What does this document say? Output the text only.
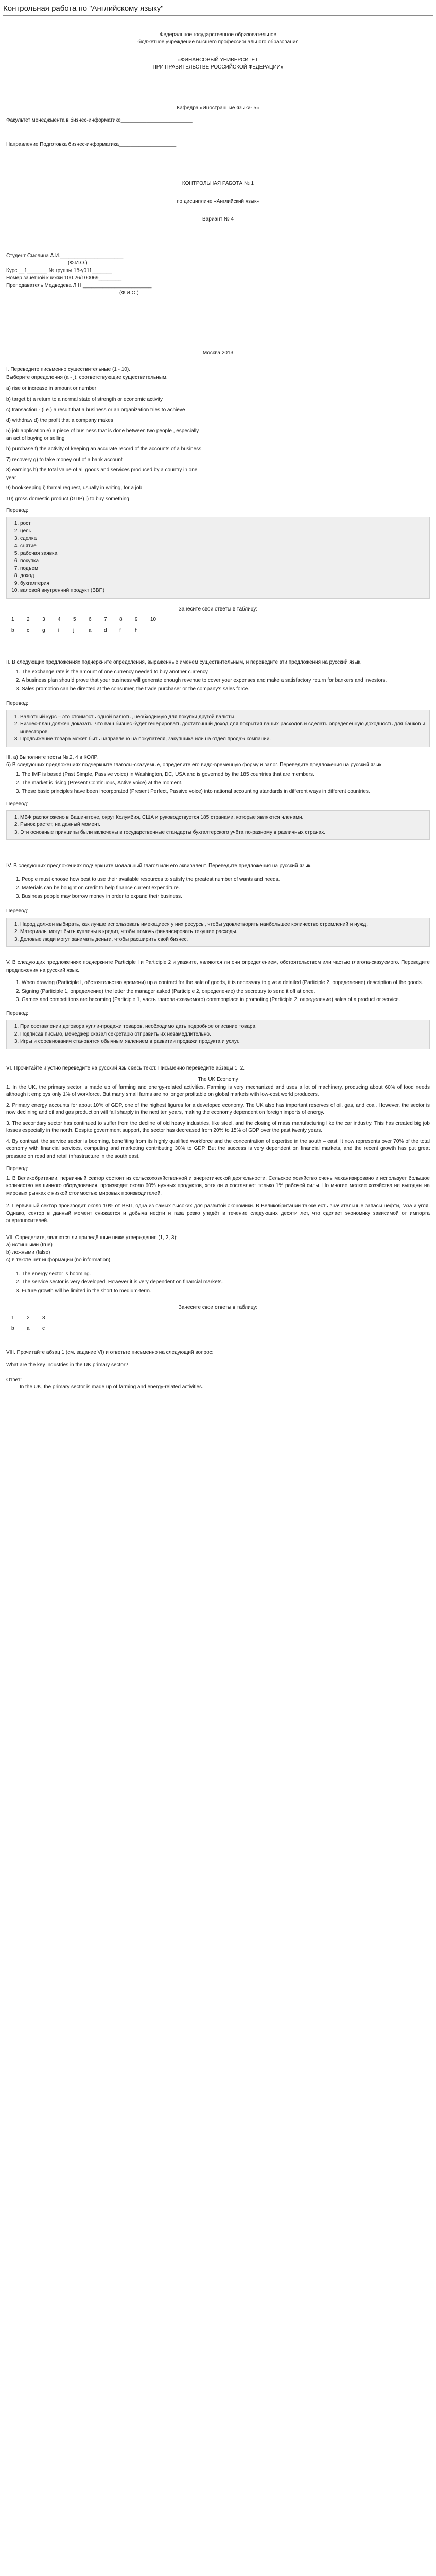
Контрольная работа по "Английскому языку"
Федеральное государственное образовательное
бюджетное учреждение высшего профессионального образования
«ФИНАНСОВЫЙ УНИВЕРСИТЕТ
ПРИ ПРАВИТЕЛЬСТВЕ РОССИЙСКОЙ ФЕДЕРАЦИИ»
Кафедра «Иностранные языки- 5»
Факультет менеджмента в бизнес-информатике_________________________
Направление Подготовка бизнес-информатика____________________
КОНТРОЛЬНАЯ РАБОТА № 1
по дисциплине «Английский язык»
Вариант № 4
Студент Смолина А.И.______________________
(Ф.И.О.)
Курс __1_______ № группы 1б-у011_______
Номер зачетной книжки 100.26/100069________
Преподаватель Медведева Л.Н.________________________
(Ф.И.О.)
Москва 2013
I. Переведите письменно существительные (1 - 10).
Выберите определения (a - j), соответствующие существительным.
a) rise or increase in amount or number
b) target b) a return to a normal state of strength or economic activity
c) transaction - (i.e.) a result that a business or an organization tries to achieve
d) withdraw d) the profit that a company makes
5) job application e) a piece of business that is done between two people , especially
an act of buying or selling
b) purchase f) the activity of keeping an accurate record of the accounts of a business
7) recovery g) to take money out of a bank account
8) earnings h) the total value of all goods and services produced by a country in one
year
9) bookkeeping i) formal request, usually in writing, for a job
10) gross domestic product (GDP) j) to buy something
Перевод:
1. рост
2. цель
3. сделка
4. снятие
5. рабочая заявка
6. покупка
7. подъем
8. доход
9. бухгалтерия
10. валовой внутренний продукт (ВВП)
Занесите свои ответы в таблицу:
1	2	3	4	5	6	7	8	9	10
b	c	g	i	j	a	d	f	h
II. В следующих предложениях подчеркните определения, выраженные именем существительным, и переведите эти предложения на русский язык.
1. The exchange rate is the amount of one currency needed to buy another currency.
2. A business plan should prove that your business will generate enough revenue to cover your expenses and make a satisfactory return for bankers and investors.
3. Sales promotion can be directed at the consumer, the trade purchaser or the company's sales force.
Перевод:
1. Валютный курс – это стоимость одной валюты, необходимую для покупки другой валюты.
2. Бизнес-план должен доказать, что ваш бизнес будет генерировать достаточный доход для покрытия ваших расходов и сделать определённую доходность для банков и инвесторов.
3. Продвижение товара может быть направлено на покупателя, закупщика или на отдел продаж компании.
III. а) Выполните тесты № 2, 4 в КОЛР.
б) В следующих предложениях подчеркните глаголы-сказуемые, определите его видо-временную форму и залог. Переведите предложения на русский язык.
1. The IMF is based (Past Simple, Passive voice) in Washington, DC, USA and is governed by the 185 countries that are members.
2. The market is rising (Present Continuous, Active voice) at the moment.
3. These basic principles have been incorporated (Present Perfect, Passive voice) into national accounting standards in different ways in different countries.
Перевод:
1. МВФ расположено в Вашингтоне, округ Колумбия, США и руководствуется 185 странами, которые являются членами.
2. Рынок растёт, на данный момент.
3. Эти основные принципы были включены в государственные стандарты бухгалтерского учёта по-разному в различных странах.
IV. В следующих предложениях подчеркните модальный глагол или его эквивалент. Переведите предложения на русский язык.
1. People must choose how best to use their available resources to satisfy the greatest number of wants and needs.
2. Materials can be bought on credit to help finance current expenditure.
3. Business people may borrow money in order to expand their business.
Перевод:
1. Народ должен выбирать, как лучше использовать имеющиеся у них ресурсы, чтобы удовлетворить наибольшее количество стремлений и нужд.
2. Материалы могут быть куплены в кредит, чтобы помочь финансировать текущие расходы.
3. Деловые люди могут занимать деньги, чтобы расширить свой бизнес.
V. В следующих предложениях подчеркните Participle I и Participle 2 и укажите, являются ли они определением, обстоятельством или частью глагола-сказуемого. Переведите предложения на русский язык.
1. When drawing (Participle I, обстоятельство времени) up a contract for the sale of goods, it is necessary to give a detailed (Participle 2, определение) description of the goods.
2. Signing (Participle 1, определение) the letter the manager asked (Participle 2, определение) the secretary to send it off at once.
3. Games and competitions are becoming (Participle 1, часть глагола-сказуемого) commonplace in promoting (Participle 2, определение) sales of a product or service.
Перевод:
1. При составлении договора купли-продажи товаров, необходимо дать подробное описание товара.
2. Подписав письмо, менеджер сказал секретарю отправить их незамедлительно.
3. Игры и соревнования становятся обычным явлением в развитии продажи продукта и услуг.
VI. Прочитайте и устно переведите на русский язык весь текст. Письменно переведите абзацы 1. 2.
The UK Economy

1. In the UK, the primary sector is made up of farming and energy-related activities. Farming is very mechanized and uses a lot of machinery, producing about 60% of food needs although it employs only 1% of workforce. But many small farms are no longer profitable on global markets with low-cost world producers.

2. Primary energy accounts for about 10% of GDP, one of the highest figures for a developed economy. The UK also has important reserves of oil, gas, and coal. However, the sector is now declining and oil and gas production will fall sharply in the next ten years, making the economy dependent on foreign imports of energy.

3. The secondary sector has continued to suffer from the decline of old heavy industries, like steel, and the closing of mass manufacturing like the car industry. This has created big job losses especially in the north. Despite government support, the sector has decreased from 20% to 15% of GDP over the past twenty years.

4. By contrast, the service sector is booming, benefiting from its highly qualified workforce and the concentration of expertise in the south – east. It now represents over 70% of the total economy with financial services, computing and marketing contributing 30% to GDP. But the success is very dependent on financial markets, and the recent growth has put great pressure on road and retail infrastructure in the south east.

Перевод:

1. В Великобритании, первичный сектор состоит из сельскохозяйственной и энергетической деятельности. Сельское хозяйство очень механизировано и использует большое количество машинного оборудования, производит около 60% нужных продуктов, хотя он и составляет только 1% рабочей силы. Но многие мелкие хозяйства не выгодны на мировых рынках с низкой стоимостью мировых производителей.

2. Первичный сектор производит около 10% от ВВП, одна из самых высоких для развитой экономики. В Великобритании также есть значительные запасы нефти, газа и угля. Однако, сектор в данный момент снижается и добыча нефти и газа резко упадёт в течение следующих десяти лет, что сделает экономику зависимой от импорта энергоносителей.

VII. Определите, являются ли приведённые ниже утверждения (1, 2, 3):
a) истинными (true)
b) ложными (false)
c) в тексте нет информации (no information)
1. The energy sector is booming.
2. The service sector is very developed. However it is very dependent on financial markets.
3. Future growth will be limited in the short to medium-term.
Занесите свои ответы в таблицу:
1	2	3
b	a	c
VIII. Прочитайте абзац 1 (см. задание VI) и ответьте письменно на следующий вопрос:
What are the key industries in the UK primary sector?
Ответ:
In the UK, the primary sector is made up of farming and energy-related activities.
